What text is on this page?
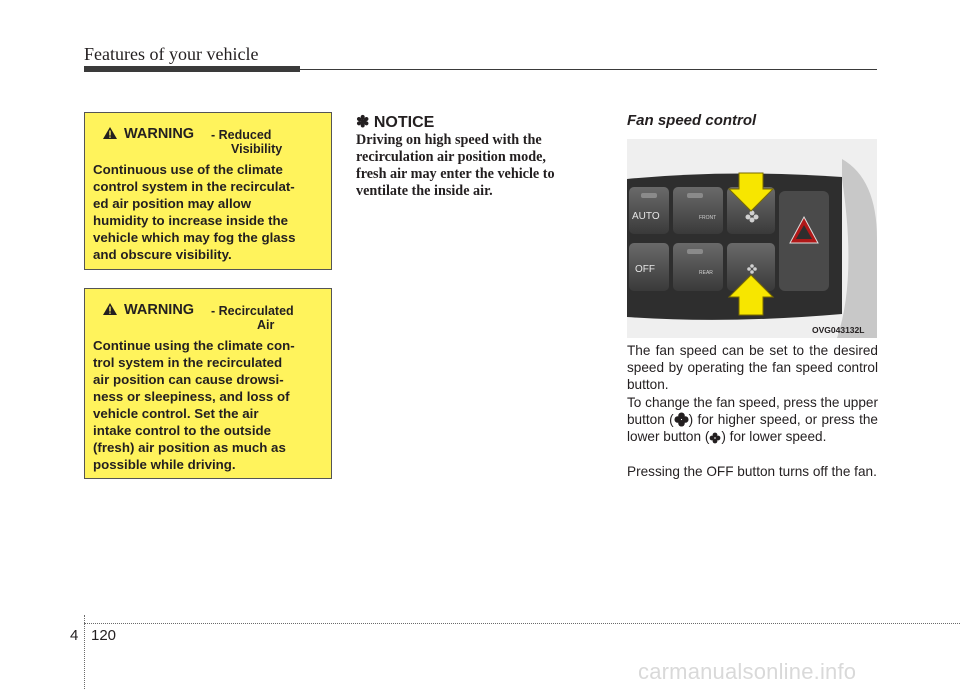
Features of your vehicle
WARNING - Reduced
Visibility
Continuous use of the climate
control system in the recirculat-
ed air position may allow
humidity to increase inside the
vehicle which may fog the glass
and obscure visibility.
WARNING - Recirculated
Air
Continue using the climate con-
trol system in the recirculated
air position can cause drowsi-
ness or sleepiness, and loss of
vehicle control. Set the air
intake control to the outside
(fresh) air position as much as
possible while driving.
✽ NOTICE
Driving on high speed with the
recirculation air position mode,
fresh air may enter the vehicle to
ventilate the inside air.
Fan speed control
AUTO
OFF
FRONT
REAR
OVG043132L
The fan speed can be set to the desired speed by operating the fan speed control button.
To change the fan speed, press the upper button ( ) for higher speed, or press the lower button ( ) for lower speed.
Pressing the OFF button turns off the fan.
4 120
carmanualsonline.info
